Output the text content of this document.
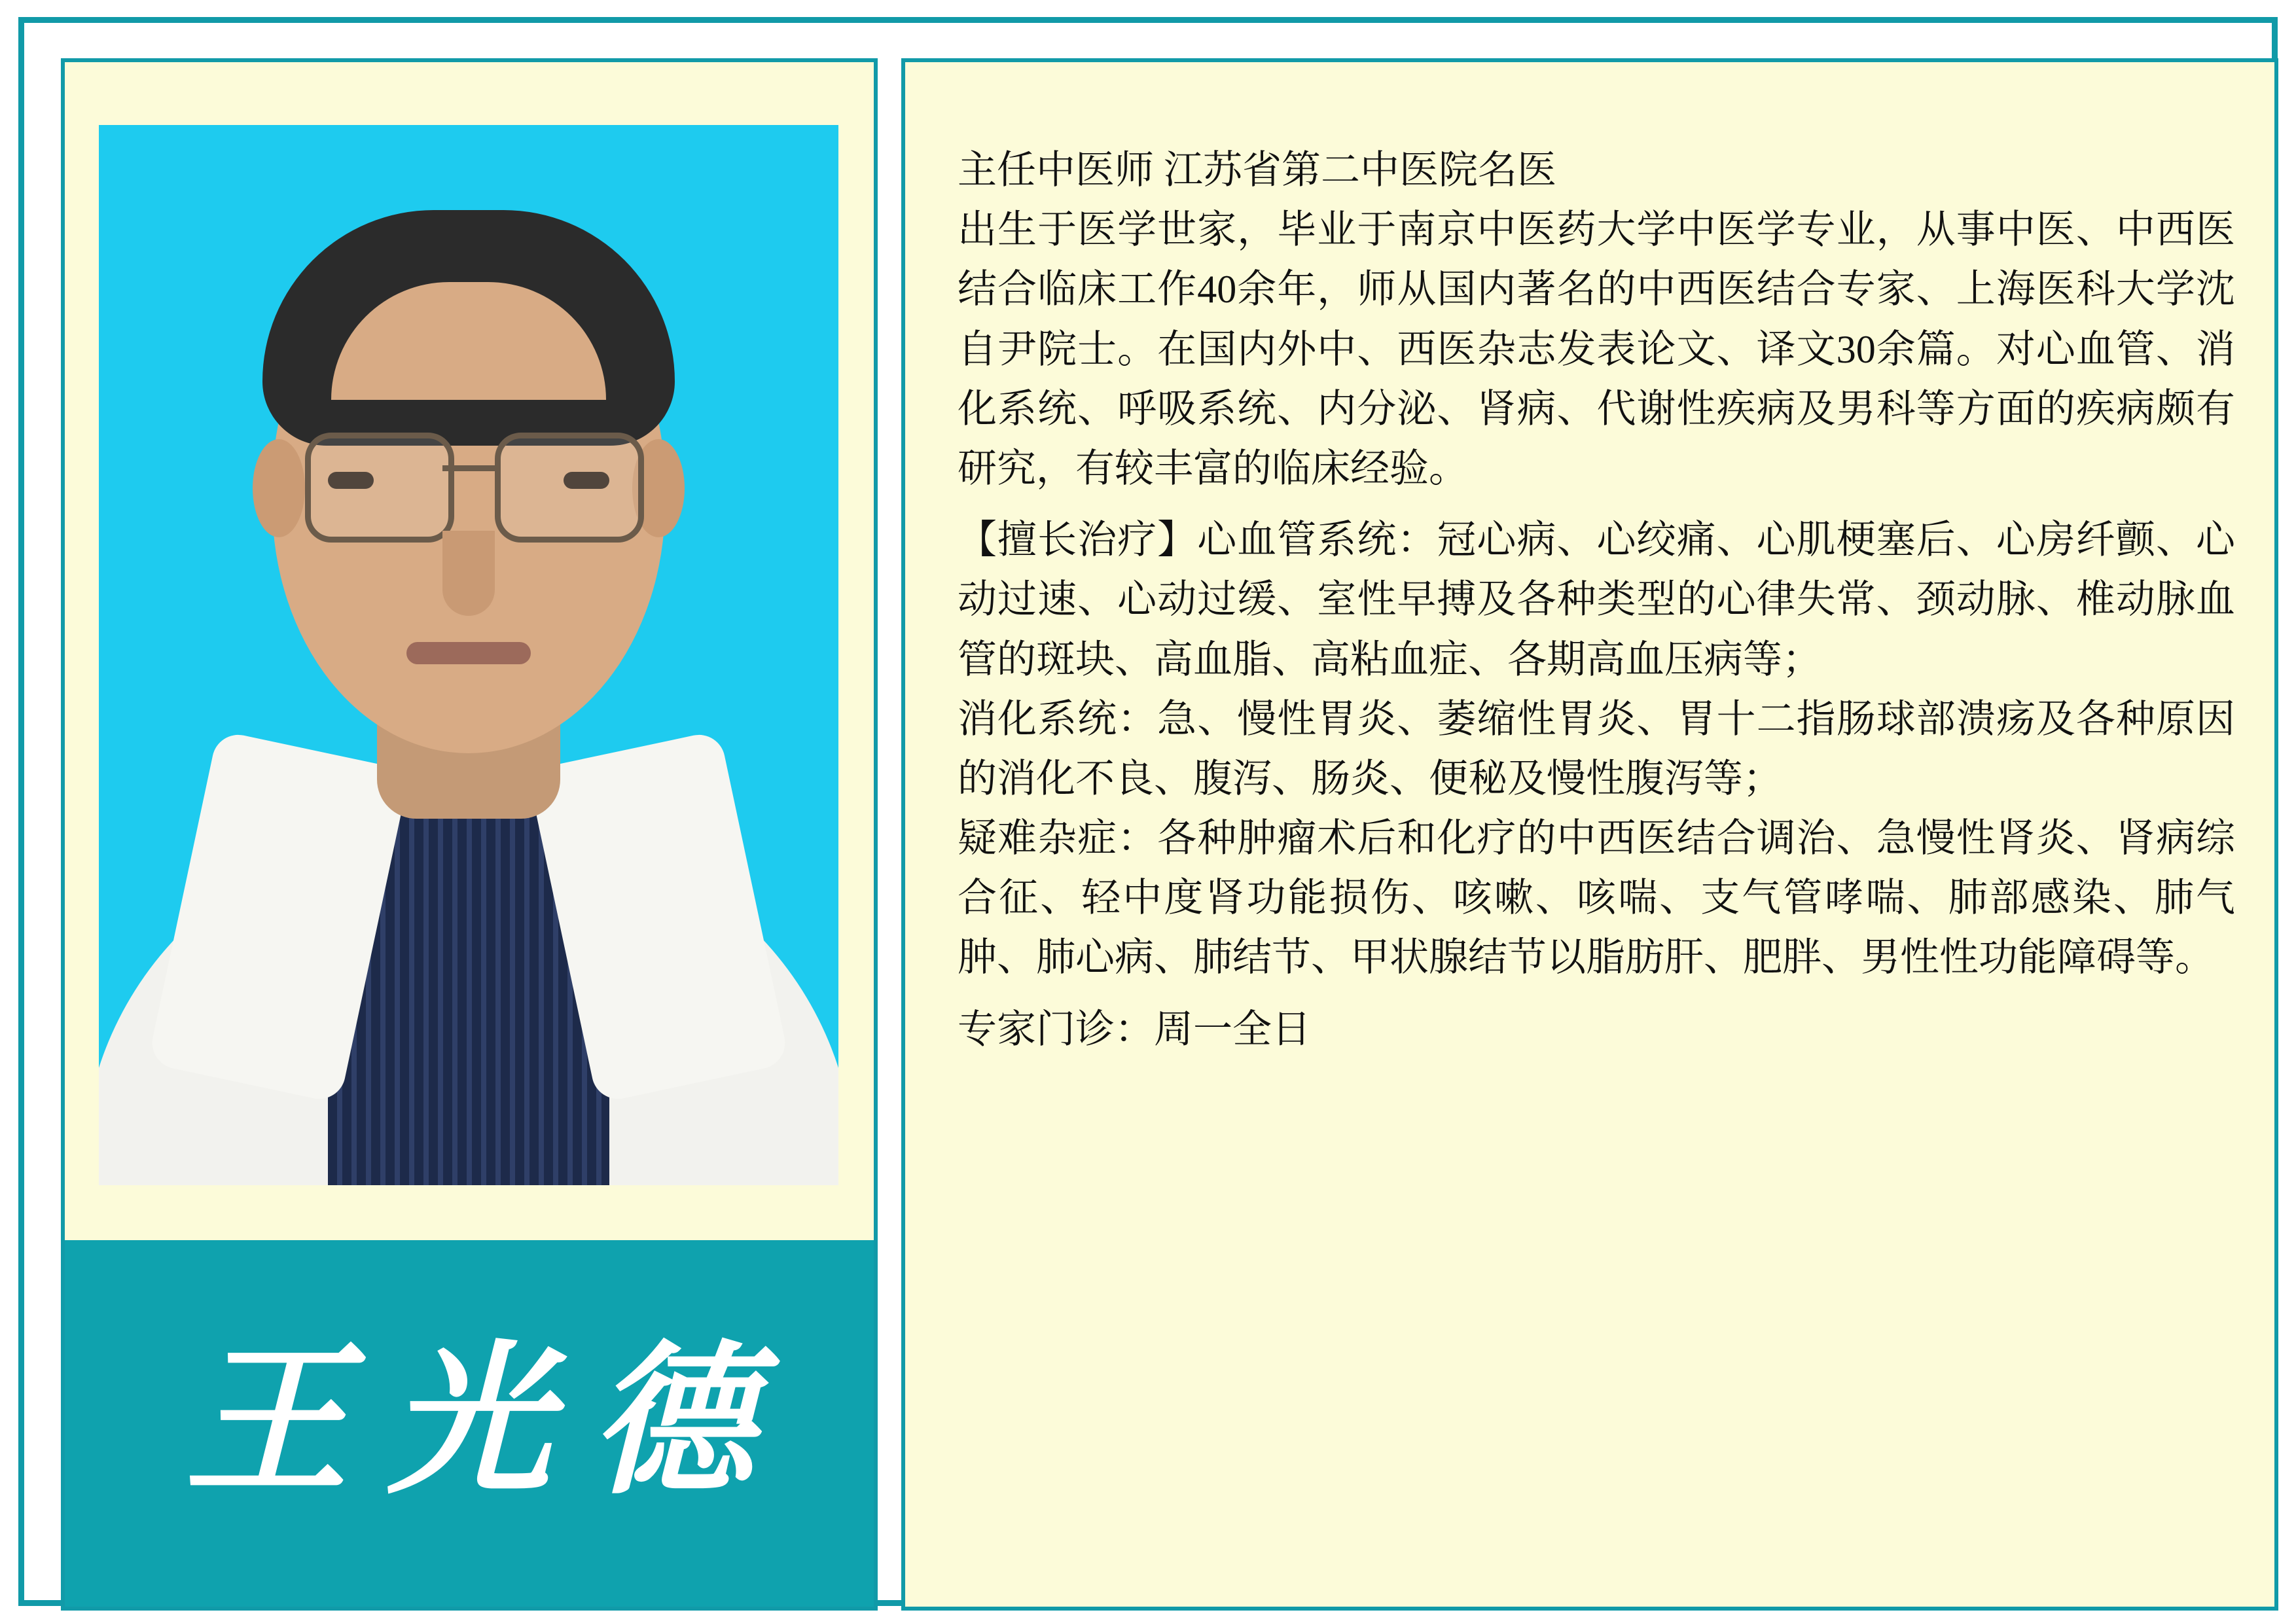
王光德

主任中医师 江苏省第二中医院名医

出生于医学世家，毕业于南京中医药大学中医学专业，从事中医、中西医结合临床工作40余年，师从国内著名的中西医结合专家、上海医科大学沈自尹院士。在国内外中、西医杂志发表论文、译文30余篇。对心血管、消化系统、呼吸系统、内分泌、肾病、代谢性疾病及男科等方面的疾病颇有研究，有较丰富的临床经验。

【擅长治疗】心血管系统：冠心病、心绞痛、心肌梗塞后、心房纤颤、心动过速、心动过缓、室性早搏及各种类型的心律失常、颈动脉、椎动脉血管的斑块、高血脂、高粘血症、各期高血压病等；

消化系统：急、慢性胃炎、萎缩性胃炎、胃十二指肠球部溃疡及各种原因的消化不良、腹泻、肠炎、便秘及慢性腹泻等；

疑难杂症：各种肿瘤术后和化疗的中西医结合调治、急慢性肾炎、肾病综合征、轻中度肾功能损伤、咳嗽、咳喘、支气管哮喘、肺部感染、肺气肿、肺心病、肺结节、甲状腺结节以脂肪肝、肥胖、男性性功能障碍等。

专家门诊：周一全日
